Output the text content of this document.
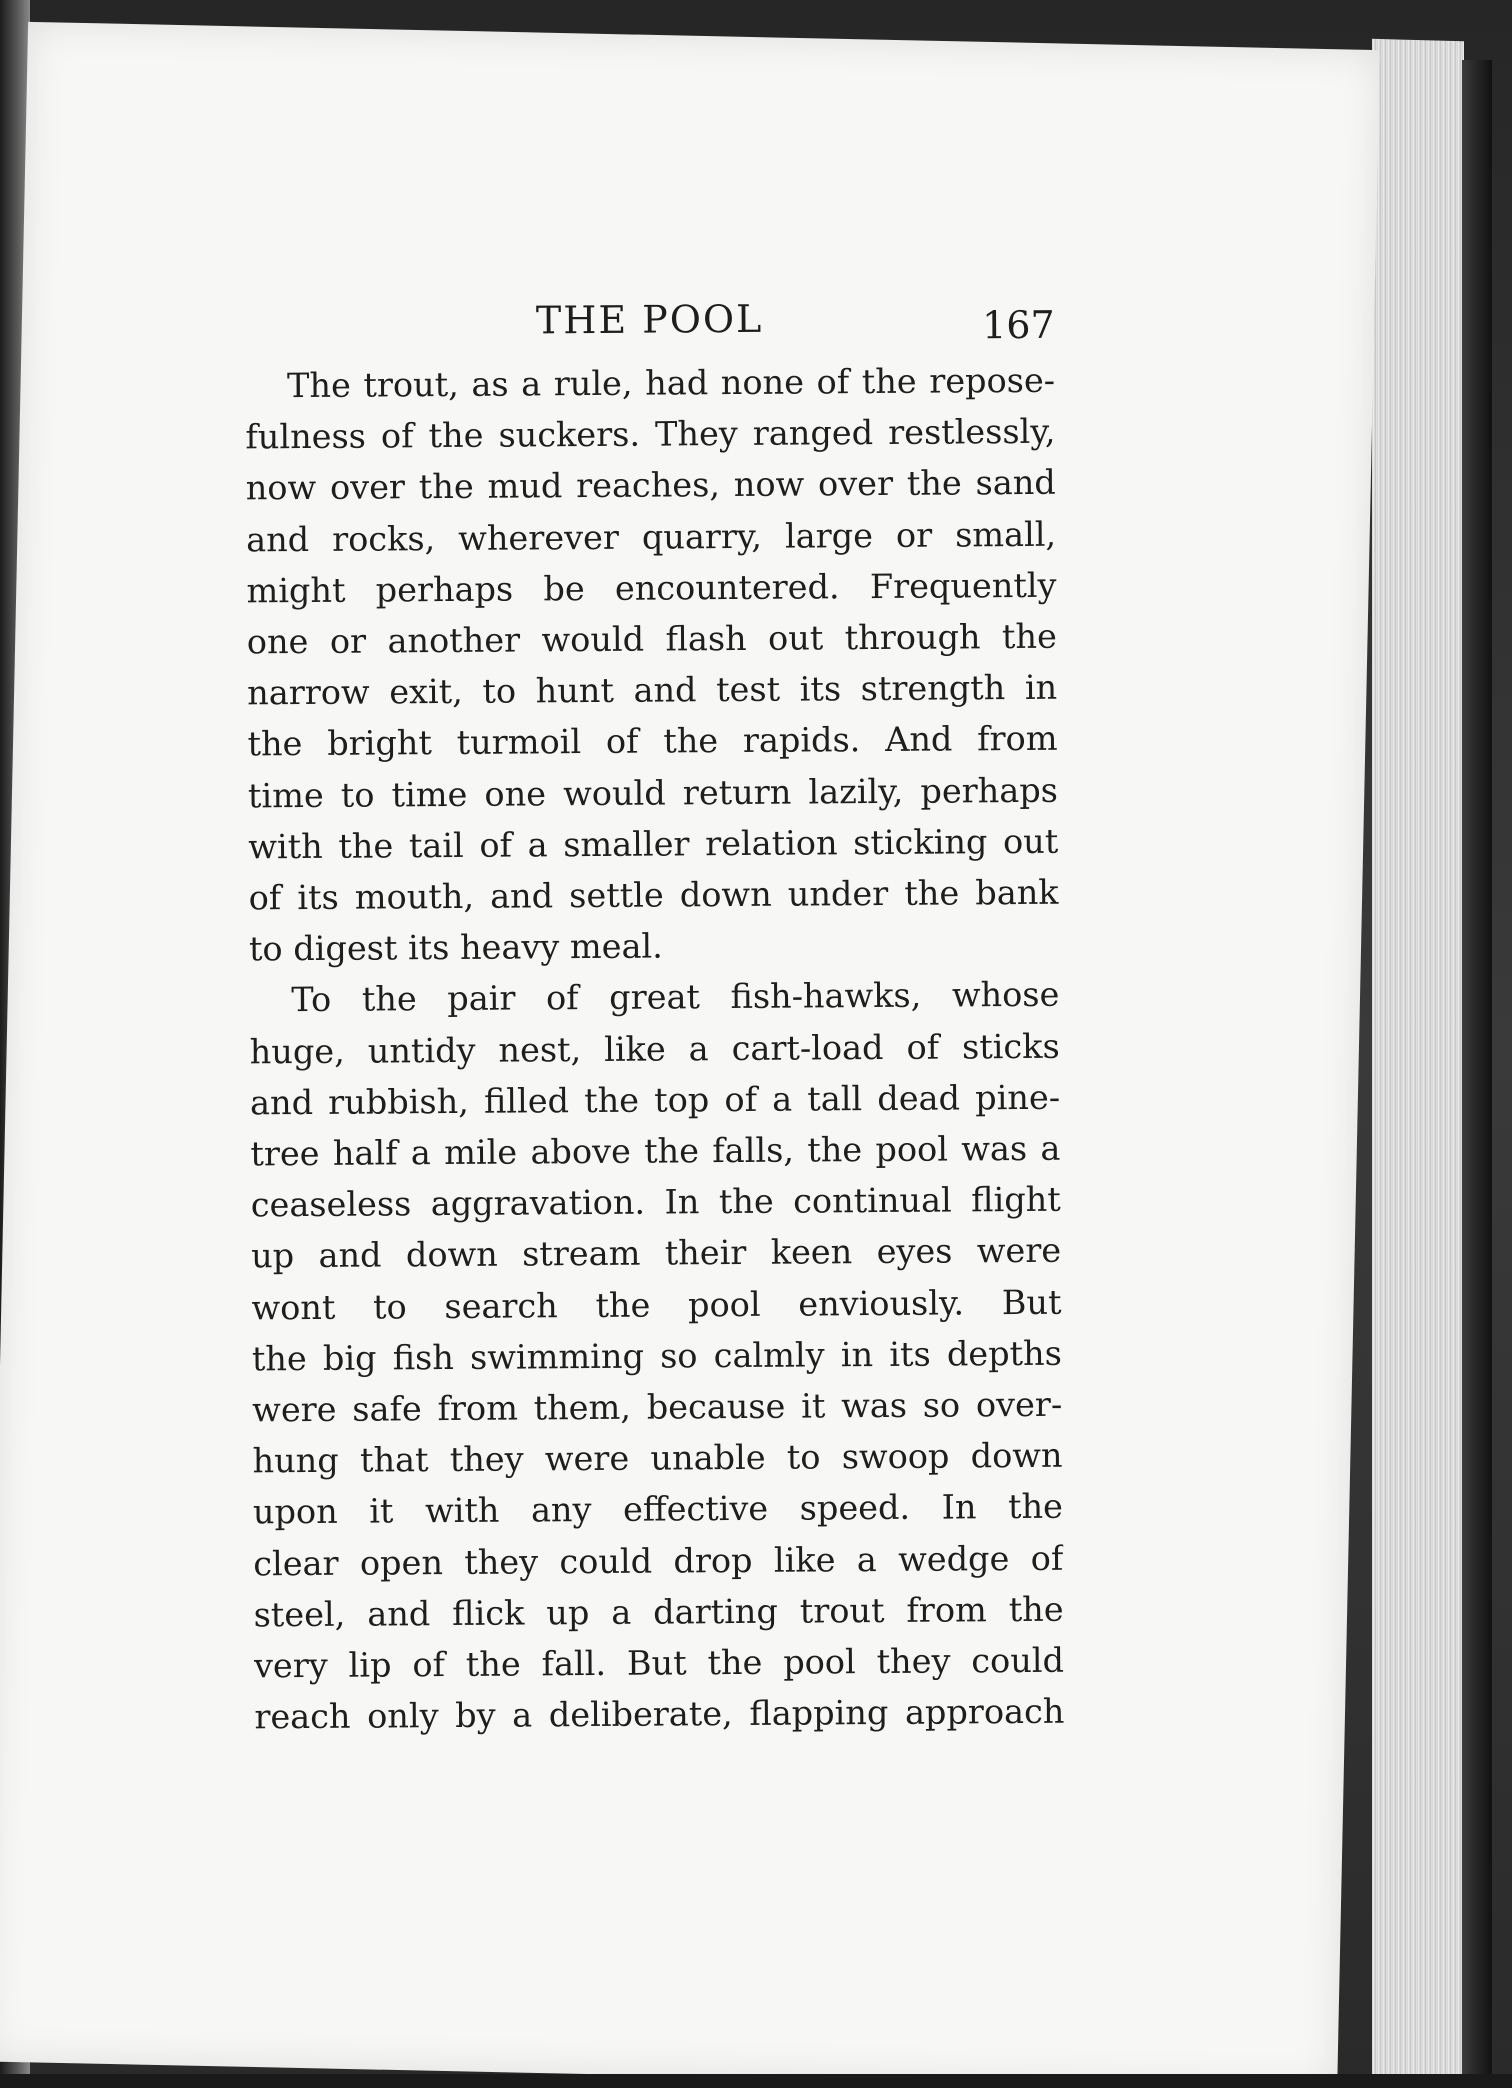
THE POOL	167

The trout, as a rule, had none of the repose-
fulness of the suckers. They ranged restlessly,
now over the mud reaches, now over the sand
and rocks, wherever quarry, large or small,
might perhaps be encountered. Frequently
one or another would flash out through the
narrow exit, to hunt and test its strength in
the bright turmoil of the rapids. And from
time to time one would return lazily, perhaps
with the tail of a smaller relation sticking out
of its mouth, and settle down under the bank
to digest its heavy meal.

To the pair of great fish-hawks, whose
huge, untidy nest, like a cart-load of sticks
and rubbish, filled the top of a tall dead pine-
tree half a mile above the falls, the pool was a
ceaseless aggravation. In the continual flight
up and down stream their keen eyes were
wont to search the pool enviously. But
the big fish swimming so calmly in its depths
were safe from them, because it was so over-
hung that they were unable to swoop down
upon it with any effective speed. In the
clear open they could drop like a wedge of
steel, and flick up a darting trout from the
very lip of the fall. But the pool they could
reach only by a deliberate, flapping approach
